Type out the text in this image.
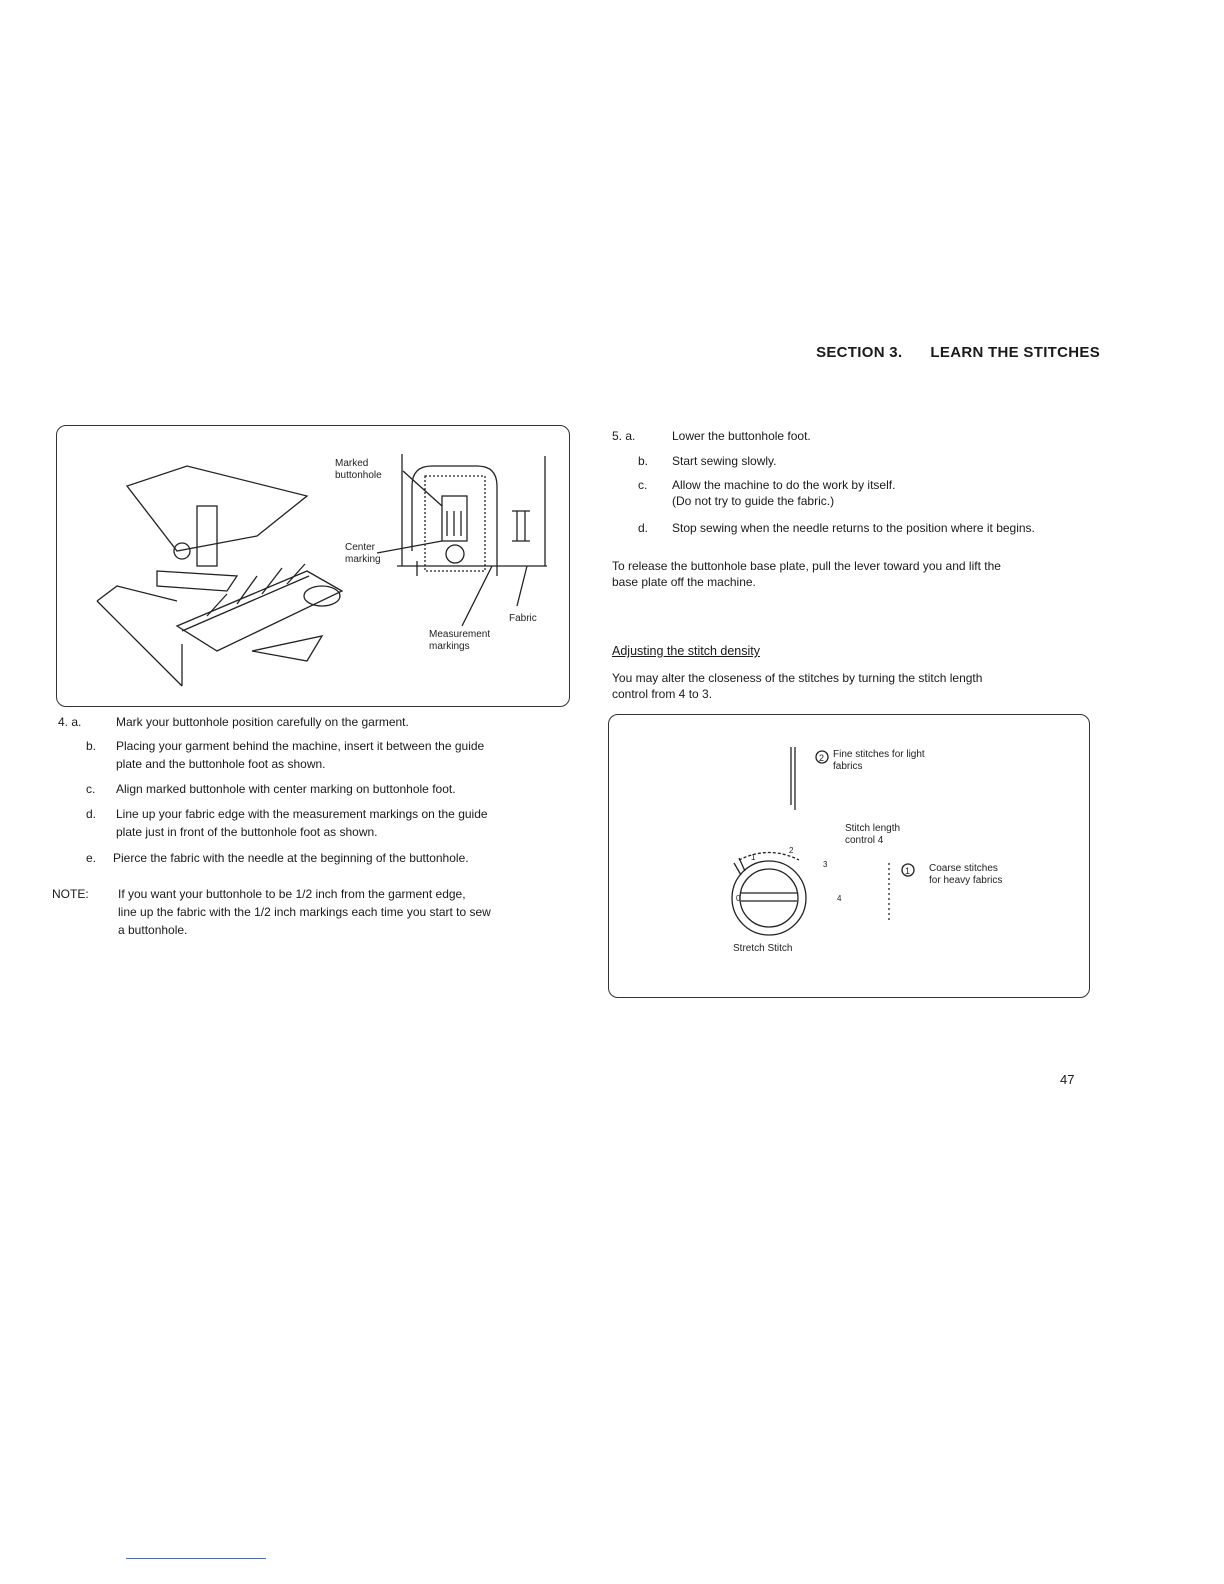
SECTION 3. LEARN THE STITCHES
Marked
buttonhole
Center
marking
Fabric
Measurement
markings
4. a.	Mark your buttonhole position carefully on the garment.
b. Placing your garment behind the machine, insert it between the guide
plate and the buttonhole foot as shown.
c. Align marked buttonhole with center marking on buttonhole foot.
d. Line up your fabric edge with the measurement markings on the guide
plate just in front of the buttonhole foot as shown.
e. Pierce the fabric with the needle at the beginning of the buttonhole.
NOTE: If you want your buttonhole to be 1/2 inch from the garment edge,
line up the fabric with the 1/2 inch markings each time you start to sew
a buttonhole.
5. a.	Lower the buttonhole foot.
b. Start sewing slowly.
c. Allow the machine to do the work by itself.
(Do not try to guide the fabric.)
d. Stop sewing when the needle returns to the position where it begins.
To release the buttonhole base plate, pull the lever toward you and lift the
base plate off the machine.
Adjusting the stitch density
You may alter the closeness of the stitches by turning the stitch length
control from 4 to 3.
2 Fine stitches for light
fabrics
Stitch length
control 4
1 Coarse stitches
for heavy fabrics
0
1
2
3
4
Stretch Stitch
47
